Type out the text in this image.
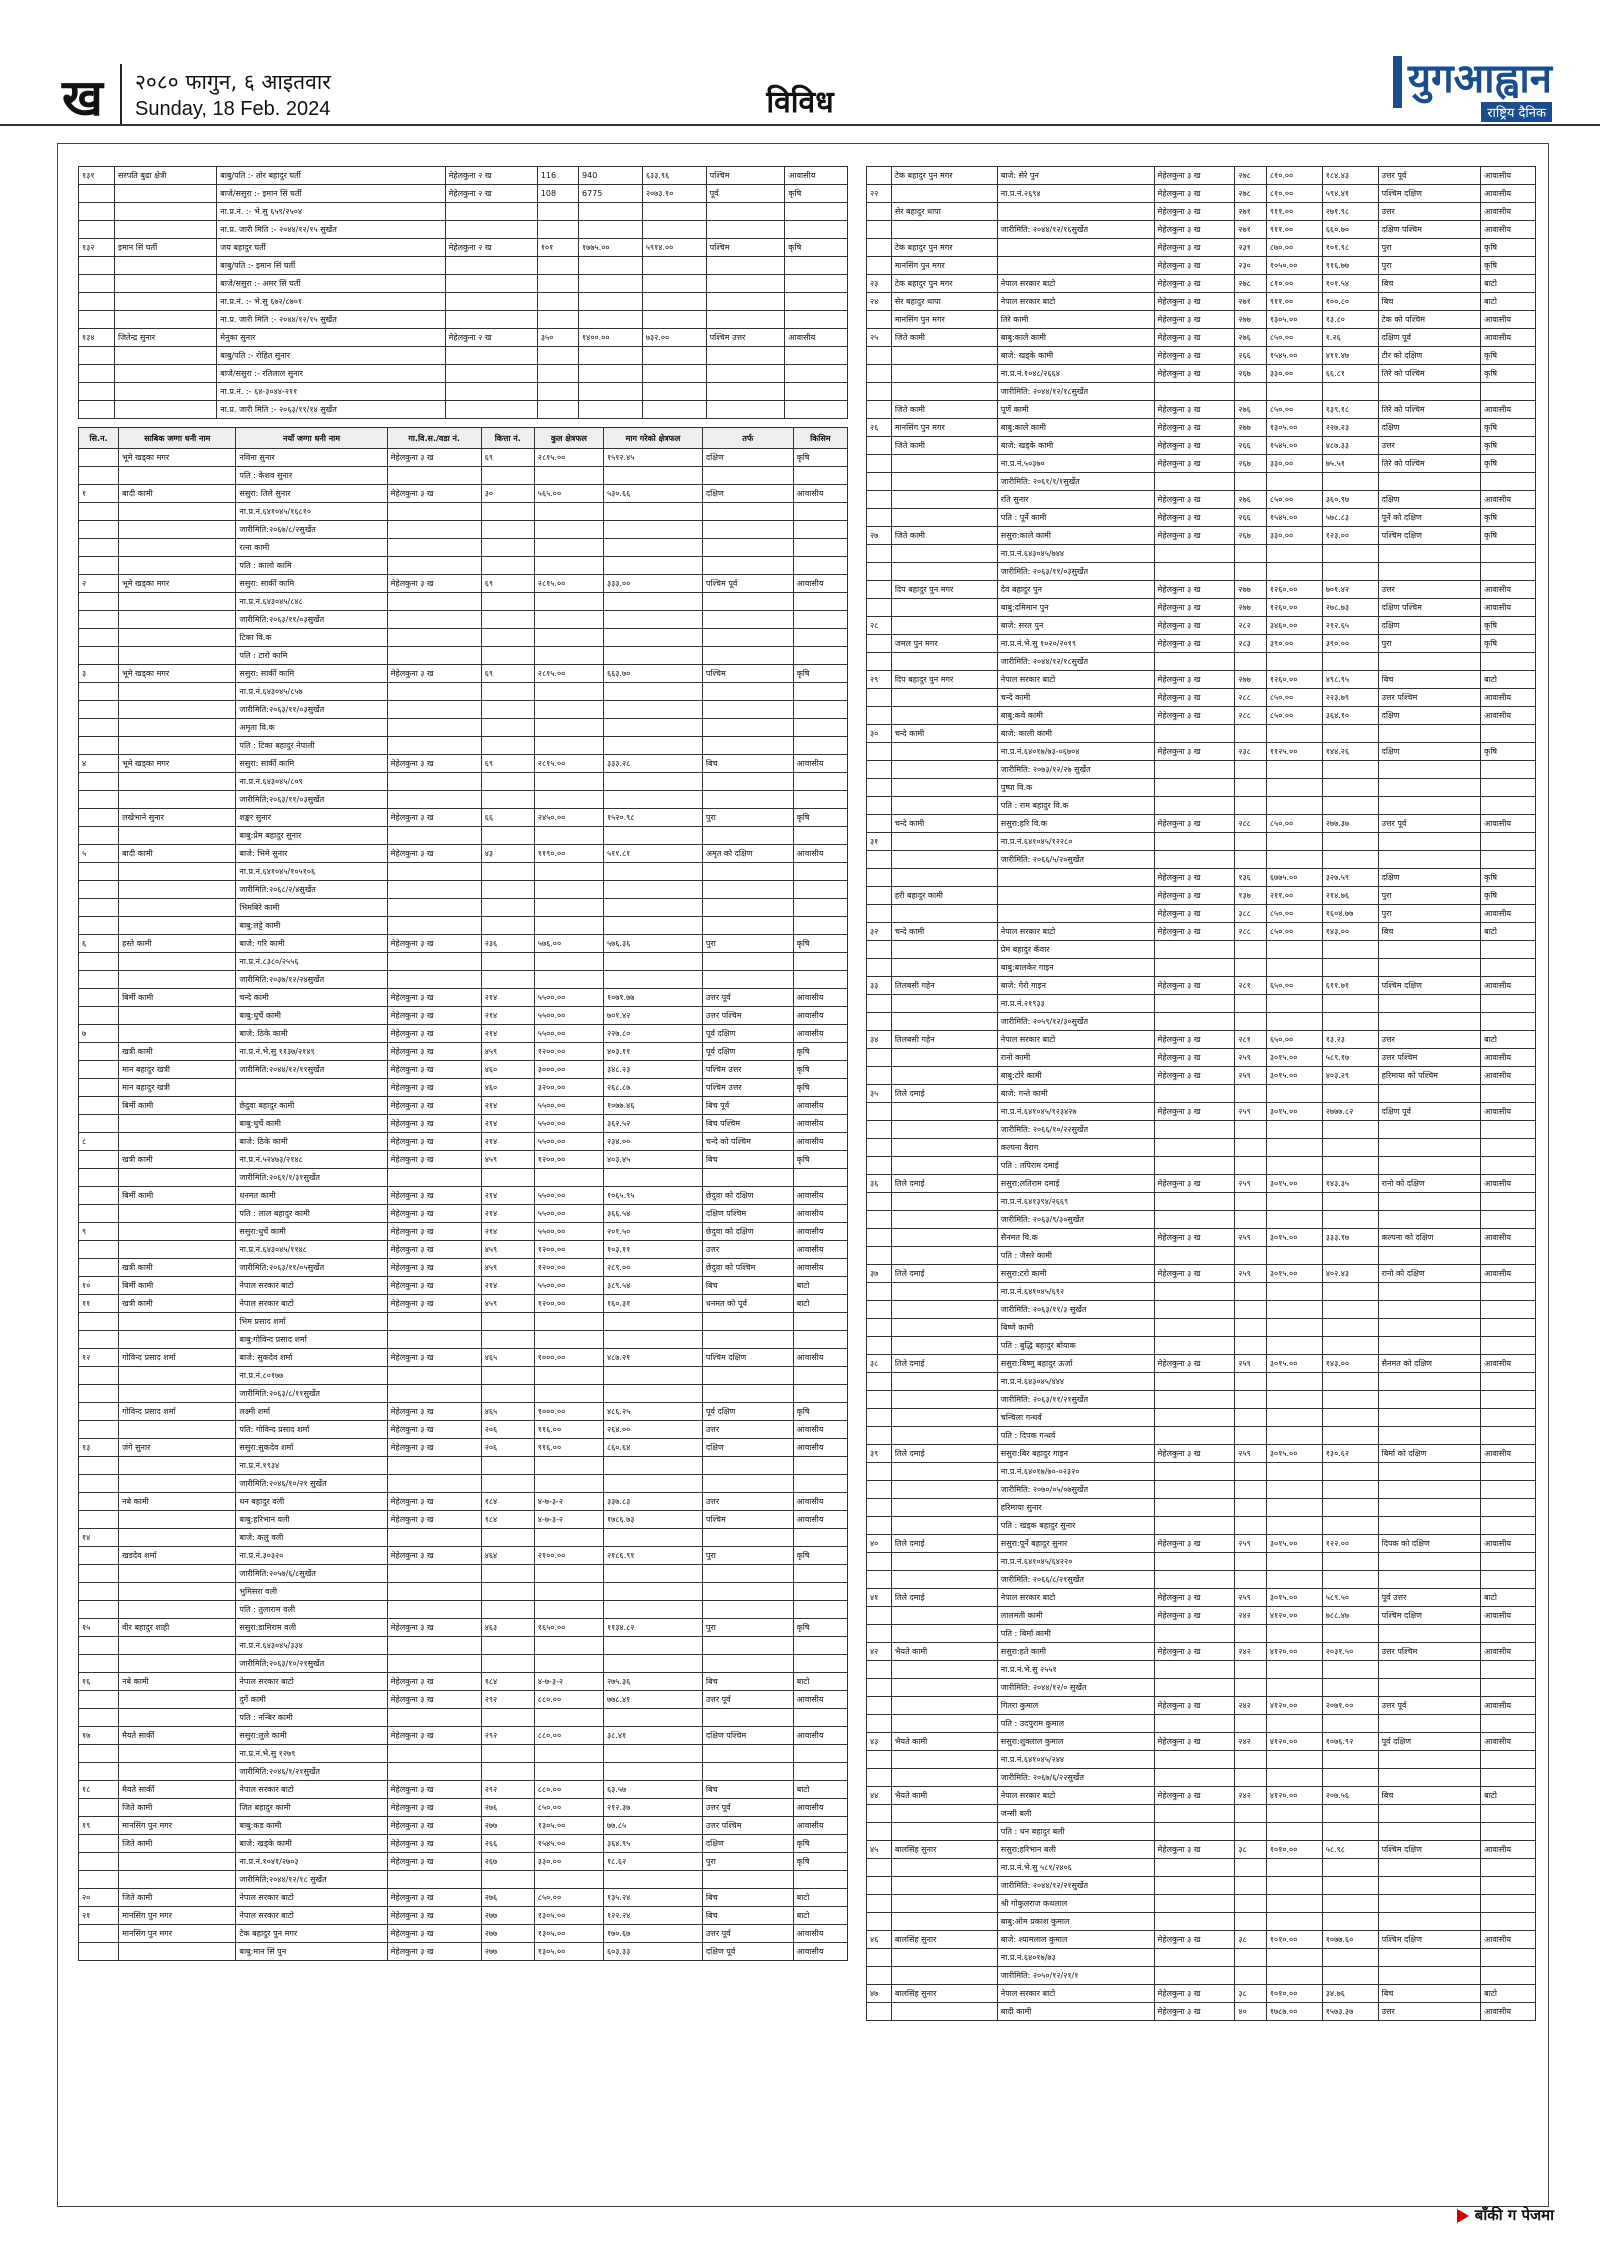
ख २०८० फागुन, ६ आइतवार
Sunday, 18 Feb. 2024	विविध
युगआह्वान
राष्ट्रिय दैनिक
१३१	सरपति बुढा क्षेत्री	बाबु/पति :- तोर बहादुर घर्ती	मेहेलकुना २ ख	116	940	६३३.९६	पश्चिम	आवासीय
		बाजे/ससुरा :- इमान सिं घर्ती	मेहेलकुना २ ख	108	6775	२०७३.१०	पूर्व	कृषि
		ना.प्र.नं. :- भे.सु ६५९/२५०४						
		ना.प्र. जारी मिति :- २०४४/१२/१५ सुर्खेत						
१३२	इमान सिं घर्ती	जय बहादुर घर्ती	मेहेलकुना २ ख	१०१	१७७५.००	५९१४.००	पश्चिम	कृषि
		बाबु/पति :- इमान सिं घर्ती						
		बाजे/ससुरा :- अमर सिं घर्ती						
		ना.प्र.नं. :- भे.सु ६७२/८७०१						
		ना.प्र. जारी मिति :- २०४४/१२/१५ सुर्खेत						
१३४	जितेन्द्र सुनार	मेनुका सुनार	मेहेलकुना २ ख	३५०	१४००.००	७३२.००	पश्चिम उत्तर	आवासीय
		बाबु/पति :- रोहित सुनार						
		बाजे/ससुरा :- रतिलाल सुनार						
		ना.प्र.नं. :- ६४-३०४४-२११						
		ना.प्र. जारी मिति :- २०६३/११/१४ सुर्खेत						
सि.न.	साबिक जग्गा धनी नाम	नयाँ जग्गा धनी नाम	गा.वि.स./वडा नं.	कित्ता नं.	कुल क्षेत्रफल	माग गरेको क्षेत्रफल	तर्फ	किसिम
	भूमे खड्का मगर	नविना सुनार	मेहेलकुना ३ ख	६९	२८१५.००	१५१२.४५	दक्षिण	कृषि
		पति : केशव सुनार						
१	बादी कामी	ससुरा: तिले सुनार	मेहेलकुना ३ ख	३०	५६५.००	५३०.६६	दक्षिण	आवासीय
		ना.प्र.नं.६४१०४५/१६८१०						
		जारीमिति:२०६७/८/२सुर्खेत						
		रत्ना कामी						
		पति : कालो कामि						
२	भूमे खड्का मगर	ससुरा: सार्की कामि	मेहेलकुना ३ ख	६९	२८१५.००	३३३.००	पश्चिम पूर्व	आवासीय
		ना.प्र.नं.६४३०४५/८४८						
		जारीमिति:२०६३/११/०३सुर्खेत						
		टिका वि.क						
		पति : टारो कामि						
३	भूमे खड्का मगर	ससुरा: सार्की कामि	मेहेलकुना ३ ख	६९	२८१५.००	६६३.७०	पश्चिम	कृषि
		ना.प्र.नं.६४३०४५/८५७						
		जारीमिति:२०६३/११/०३सुर्खेत						
		अमृता वि.क						
		पति : टिका बहादुर नेपाली						
४	भूमे खड्का मगर	ससुरा: सार्की कामि	मेहेलकुना ३ ख	६९	२८१५.००	३३३.२८	बिच	आवासीय
		ना.प्र.नं.६४३०४५/८०९						
		जारीमिति:२०६३/११/०३सुर्खेत						
	लखेभाने सुनार	शङ्कर सुनार	मेहेलकुना ३ ख	६६	२४५०.००	१५२०.९८	पुरा	कृषि
		बाबु:प्रेम बहादुर सुनार						
५	बादी कामी	बाजे: भिमे सुनार	मेहेलकुना ३ ख	४३	११९०.००	५११.८१	अमृत को दक्षिण	आवासीय
		ना.प्र.नं.६४१०४५/१०५१०६						
		जारीमिति:२०६८/२/४सुर्खेत						
		भिमबिरे कामी						
		बाबु:लट्टे कामी						
६	हस्ते कामी	बाजे: गरि कामी	मेहेलकुना ३ ख	२३६	५७६.००	५७६.३६	पुरा	कृषि
		ना.प्र.नं.८३८०/२५५६						
		जारीमिति:२०३७/१२/२४सुर्खेत						
	बिर्मी कामी	चन्दे कामी	मेहेलकुना ३ ख	२१४	५५००.००	१०७१.७७	उत्तर पूर्व	आवासीय
		बाबु:धुर्चे कामी	मेहेलकुना ३ ख	२१४	५५००.००	७०१.४२	उत्तर पश्चिम	आवासीय
७		बाजे: ठिके कामी	मेहेलकुना ३ ख	२१४	५५००.००	२२७.८०	पूर्व दक्षिण	आवासीय
	खत्री कामी	ना.प्र.नं.भे.सु ११३७/२१४९	मेहेलकुना ३ ख	४५९	१२००.००	४०३.११	पूर्व दक्षिण	कृषि
	मान बहादुर खत्री	जारीमिति:२०४४/१२/११सुर्खेत	मेहेलकुना ३ ख	४६०	३०००.००	३४८.२३	पश्चिम उत्तर	कृषि
	मान बहादुर खत्री		मेहेलकुना ३ ख	४६०	३२००.००	२६८.८७	पश्चिम उत्तर	कृषि
	बिर्मी कामी	छेदुवा बहादुर कामी	मेहेलकुना ३ ख	२१४	५५००.००	१०७७.४६	बिच पूर्व	आवासीय
		बाबु:धुर्चे कामी	मेहेलकुना ३ ख	२१४	५५००.००	३६२.५२	बिच पश्चिम	आवासीय
८		बाजे: ठिके कामी	मेहेलकुना ३ ख	२१४	५५००.००	२३४.००	चन्दे को पश्चिम	आवासीय
	खत्री कामी	ना.प्र.नं.५२४७३/२१४८	मेहेलकुना ३ ख	४५९	१२००.००	४०३.४५	बिच	कृषि
		जारीमिति:२०६१/१/३१सुर्खेत						
	बिर्मी कामी	धनमत कामी	मेहेलकुना ३ ख	२१४	५५००.००	१०६५.९५	छेदुवा को दक्षिण	आवासीय
		पति : लाल बहादुर कामी	मेहेलकुना ३ ख	२१४	५५००.००	३६६.५४	दक्षिण पश्चिम	आवासीय
९		ससुरा:धुर्चे कामी	मेहेलकुना ३ ख	२१४	५५००.००	२०१.५०	छेदुवा को दक्षिण	आवासीय
		ना.प्र.नं.६४३०४५/११४८	मेहेलकुना ३ ख	४५९	१२००.००	१०३.११	उत्तर	आवासीय
	खत्री कामी	जारीमिति:२०६३/११/०५सुर्खेत	मेहेलकुना ३ ख	४५९	१२००.००	२८९.००	छेदुवा को पश्चिम	आवासीय
१०	बिर्मी कामी	नेपाल सरकार बाटो	मेहेलकुना ३ ख	२१४	५५००.००	३८९.५४	बिच	बाटो
११	खत्री कामी	नेपाल सरकार बाटो	मेहेलकुना ३ ख	४५९	१२००.००	१६०.३१	धनमत को पूर्व	बाटो
		भिम प्रसाद शर्मा						
		बाबु:गोविन्द प्रसाद शर्मा						
१२	गोविन्द प्रसाद शर्मा	बाजे: सुकदेव शर्मा	मेहेलकुना ३ ख	४६५	१०००.००	४८७.२१	पश्चिम दक्षिण	आवासीय
		ना.प्र.नं.८०१७७						
		जारीमिति:२०६३/८/११सुर्खेत						
	गोविन्द प्रसाद शर्मा	लक्ष्मी शर्मा	मेहेलकुना ३ ख	४६५	१०००.००	४८६.२५	पूर्व दक्षिण	कृषि
		पति: गोविन्द प्रसाद शर्मा	मेहेलकुना ३ ख	२०६	११६.००	२६४.००	उत्तर	आवासीय
१३	जंगे सुनार	ससुरा:सुकदेव शर्मा	मेहेलकुना ३ ख	२०६	९१६.००	८६०.६४	दक्षिण	आवासीय
		ना.प्र.नं.१९३४						
		जारीमिति:२०४६/१०/२१ सुर्खेत						
	नबे कामी	धन बहादुर वली	मेहेलकुना ३ ख	१८४	४-७-३-२	३३७.८३	उत्तर	आवासीय
		बाबु:हरिभान वली	मेहेलकुना ३ ख	१८४	४-७-३-२	१७८६.७३	पश्चिम	आवासीय
१४		बाजे: कलु वली						
	खडदेव शर्मा	ना.प्र.नं.३०३२०	मेहेलकुना ३ ख	४६४	२१००.००	२१८६.९१	पुरा	कृषि
		जारीमिति:२०५७/६/८सुर्खेत						
		भुमिसरा वली						
		पति : तुलाराम वली						
१५	वीर बहादुर शाही	ससुरा:डामिराम वली	मेहेलकुना ३ ख	४६३	१६५०.००	११३४.८२	पुरा	कृषि
		ना.प्र.नं.६४३०४५/३३४						
		जारीमिति:२०६३/१०/२१सुर्खेत						
१६	नबे कामी	नेपाल सरकार बाटो	मेहेलकुना ३ ख	१८४	४-७-३-२	२७५.३६	बिच	बाटो
		दुर्गे कामी	मेहेलकुना ३ ख	२९२	८८०.००	७७८.४१	उत्तर पूर्व	आवासीय
		पति : नन्बिर कामी						
१७	मैयते सार्की	ससुरा:लुले कामी	मेहेलकुना ३ ख	२९२	८८०.००	३८.४१	दक्षिण पश्चिम	आवासीय
		ना.प्र.नं.भे.सु १२७९						
		जारीमिति:२०४६/१/२१सुर्खेत						
१८	मैयते सार्की	नेपाल सरकार बाटो	मेहेलकुना ३ ख	२९२	८८०.००	६३.५७	बिच	बाटो
	जिते कामी	जित बहादुर कामी	मेहेलकुना ३ ख	२७६	८५०.००	२१२.३७	उत्तर पूर्व	आवासीय
१९	मानसिंग पुन मगर	बाबु:कड कामी	मेहेलकुना ३ ख	२७७	१३०५.००	७७.८५	उत्तर पश्चिम	आवासीय
	जिते कामी	बाजे: खड्के कामी	मेहेलकुना ३ ख	२६६	१५४५.००	३६४.९५	दक्षिण	कृषि
		ना.प्र.नं.१०४१/२७०३	मेहेलकुना ३ ख	२६७	३३०.००	१८.६२	पुरा	कृषि
		जारीमिति:२०४४/१२/१८ सुर्खेत						
२०	जिते कामी	नेपाल सरकार बाटो	मेहेलकुना ३ ख	२७६	८५०.००	१३५.२४	बिच	बाटो
२१	मानसिंग पुन मगर	नेपाल सरकार बाटो	मेहेलकुना ३ ख	२७७	१३०५.००	१२२.२४	बिच	बाटो
	मानसिंग पुन मगर	टेक बहादुर पुन मगर	मेहेलकुना ३ ख	२७७	१३०५.००	१७०.६७	उत्तर पूर्व	आवासीय
		बाबु:मान सिं पुन	मेहेलकुना ३ ख	२७७	१३०५.००	६०३.३३	दक्षिण पूर्व	आवासीय
	टेक बहादुर पुन मगर	बाजे: सेरे पुन	मेहेलकुना ३ ख	२७८	८१०.००	१८४.४३	उत्तर पूर्व	आवासीय
२२		ना.प्र.नं.२६९४	मेहेलकुना ३ ख	२७८	८१०.००	५९४.४१	पश्चिम दक्षिण	आवासीय
	सेर बहादुर थापा		मेहेलकुना ३ ख	२७१	९११.००	२७१.९८	उत्तर	आवासीय
		जारीमिति: २०४४/१२/१६सुर्खेत	मेहेलकुना ३ ख	२७१	९११.००	६६०.७०	दक्षिण पश्चिम	आवासीय
	टेक बहादुर पुन मगर		मेहेलकुना ३ ख	२३१	८७०.००	१०१.९८	पुरा	कृषि
	मानसिंग पुन मगर		मेहेलकुना ३ ख	२३०	१०५०.००	९१६.७७	पुरा	कृषि
२३	टेक बहादुर पुन मगर	नेपाल सरकार बाटो	मेहेलकुना ३ ख	२७८	८१०.००	१०१.५४	बिच	बाटो
२४	सेर बहादुर थापा	नेपाल सरकार बाटो	मेहेलकुना ३ ख	२७१	९११.००	१००.८०	बिच	बाटो
	मानसिंग पुन मगर	तिरे कामी	मेहेलकुना ३ ख	२७७	१३०५.००	१३.८०	टेक को पश्चिम	आवासीय
२५	जिते कामी	बाबु:काले कामी	मेहेलकुना ३ ख	२७६	८५०.००	१.२६	दक्षिण पूर्व	आवासीय
		बाजे: खड्के कामी	मेहेलकुना ३ ख	२६६	१५४५.००	४११.४७	टीर को दक्षिण	कृषि
		ना.प्र.नं.१०४८/२६६४	मेहेलकुना ३ ख	२६७	३३०.००	६६.८१	तिरे को पश्चिम	कृषि
		जारीमिति: २०४४/१२/१८सुर्खेत						
	जिते कामी	पूर्णे कामी	मेहेलकुना ३ ख	२७६	८५०.००	१३९.१८	तिरे को पश्चिम	आवासीय
२६	मानसिंग पुन मगर	बाबु:काले कामी	मेहेलकुना ३ ख	२७७	१३०५.००	२२७.२३	दक्षिण	कृषि
	जिते कामी	बाजे: खड्के कामी	मेहेलकुना ३ ख	२६६	१५४५.००	४८७.३३	उत्तर	कृषि
		ना.प्र.नं.५०३७०	मेहेलकुना ३ ख	२६७	३३०.००	७५.५१	तिरे को पश्चिम	कृषि
		जारीमिति: २०६१/१/१सुर्खेत						
		रति सुनार	मेहेलकुना ३ ख	२७६	८५०.००	३६०.९७	दक्षिण	आवासीय
		पति : पूर्ने कामी	मेहेलकुना ३ ख	२६६	१५४५.००	५७८.८३	पूर्ने को दक्षिण	कृषि
२७	जिते कामी	ससुरा:काले कामी	मेहेलकुना ३ ख	२६७	३३०.००	१२३.००	पश्चिम दक्षिण	कृषि
		ना.प्र.नं.६४३०४५/७४४						
		जारीमिति: २०६३/११/०३सुर्खेत						
	दिप बहादुर पुन मगर	देव बहादुर पुन	मेहेलकुना ३ ख	२७७	१२६०.००	७०१.४२	उत्तर	आवासीय
		बाबु:दमिमान पुन	मेहेलकुना ३ ख	२७७	१२६०.००	२७८.७३	दक्षिण पश्चिम	आवासीय
२८		बाजे: सरत पुन	मेहेलकुना ३ ख	२८२	३४६०.००	२१२.६५	दक्षिण	कृषि
	जमल पुन मगर	ना.प्र.नं.भे.सु १०२०/२०१९	मेहेलकुना ३ ख	२८३	३९०.००	३९०.००	पुरा	कृषि
		जारीमिति: २०४४/१२/१८सुर्खेत						
२९	दिप बहादुर पुन मगर	नेपाल सरकार बाटो	मेहेलकुना ३ ख	२७७	१२६०.००	४९८.९५	बिच	बाटो
		चन्दे कामी	मेहेलकुना ३ ख	२८८	८५०.००	२२३.७९	उत्तर पश्चिम	आवासीय
		बाबु:कवे कामी	मेहेलकुना ३ ख	२८८	८५०.००	३६४.१०	दक्षिण	आवासीय
३०	चन्दे कामी	बाजे: काली कामी						
		ना.प्र.नं.६४०१७/७३-०६७०४	मेहेलकुना ३ ख	२३८	११२५.००	१४४.२६	दक्षिण	कृषि
		जारीमिति: २०७३/१२/२७ सुर्खेत						
		पुष्पा वि.क						
		पति : राम बहादुर वि.क						
	चन्दे कामी	ससुरा:हरि वि.क	मेहेलकुना ३ ख	२८८	८५०.००	२७७.३७	उत्तर पूर्व	आवासीय
३१		ना.प्र.नं.६४१०४५/१२२८०						
		जारीमिति: २०६६/५/२०सुर्खेत						
			मेहेलकुना ३ ख	१३६	६७७५.००	३२७.५९	दक्षिण	कृषि
	हरी बहादुर कामी		मेहेलकुना ३ ख	१३७	२११.००	२१४.७६	पुरा	कृषि
			मेहेलकुना ३ ख	३८८	८५०.००	१६०४.७७	पुरा	आवासीय
३२	चन्दे कामी	नेपाल सरकार बाटो	मेहेलकुना ३ ख	२८८	८५०.००	१४३.००	बिच	बाटो
		प्रेम बहादुर कँवार						
		बाबु:बालकेर गाइन						
३३	तिलबसी गहेन	बाजे: गेरो गाइन	मेहेलकुना ३ ख	२८१	६५०.००	६११.७१	पश्चिम दक्षिण	आवासीय
		ना.प्र.नं.२१९३३						
		जारीमिति: २०५९/१२/३०सुर्खेत						
३४	तिलबसी गहेन	नेपाल सरकार बाटो	मेहेलकुना ३ ख	२८१	६५०.००	१३.२३	उत्तर	बाटो
		रानो कामी	मेहेलकुना ३ ख	२५९	३०१५.००	५८९.१७	उत्तर पश्चिम	आवासीय
		बाबु:टोरे कामी	मेहेलकुना ३ ख	२५९	३०१५.००	४०३.२९	हरिमाया को पश्चिम	आवासीय
३५	तिले दमाई	बाजे: गन्ते कामी						
		ना.प्र.नं.६४१०४५/१२३४२७	मेहेलकुना ३ ख	२५९	३०१५.००	२७७७.८२	दक्षिण पूर्व	आवासीय
		जारीमिति: २०६६/१०/२२सुर्खेत						
		कल्पना वैराग						
		पति : तपिराम दमाई						
३६	तिले दमाई	ससुरा:लतिराम दमाई	मेहेलकुना ३ ख	२५९	३०१५.००	१४३.३५	रानो को दक्षिण	आवासीय
		ना.प्र.नं.६४१३९४/२६६९						
		जारीमिति: २०६३/९/३०सुर्खेत						
		सैनमत वि.क	मेहेलकुना ३ ख	२५९	३०१५.००	३३३.१७	कल्पना को दक्षिण	आवासीय
		पति : जैसरे कामी						
३७	तिले दमाई	ससुरा:टरो कामी	मेहेलकुना ३ ख	२५९	३०१५.००	४०२.४३	रानो को दक्षिण	आवासीय
		ना.प्र.नं.६४१०४५/६१२						
		जारीमिति: २०६३/११/३ सुर्खेत						
		बिष्णे कामी						
		पति : बुद्धि बहादुर बोयाक						
३८	तिले दमाई	ससुरा:बिष्णु बहादुर ऊर्जा	मेहेलकुना ३ ख	२५९	३०१५.००	१४३.००	सैनमत को दक्षिण	आवासीय
		ना.प्र.नं.६४३०४५/४४४						
		जारीमिति: २०६३/११/२१सुर्खेत						
		चन्चिला गन्धर्व						
		पति : दिपक गन्धर्व						
३९	तिले दमाई	ससुरा:बिर बहादुर गाइन	मेहेलकुना ३ ख	२५९	३०१५.००	१३०.६२	बिर्मा को दक्षिण	आवासीय
		ना.प्र.नं.६४०१७/७०-०२३२०						
		जारीमिति: २०७०/०५/०७सुर्खेत						
		हरिमाया सुनार						
		पति : खड्क बहादुर सुनार						
४०	तिले दमाई	ससुरा:पूर्ने बहादुर सुनार	मेहेलकुना ३ ख	२५९	३०१५.००	१२२.००	दिपक को दक्षिण	आवासीय
		ना.प्र.नं.६४१०४५/६४२२०						
		जारीमिति: २०६६/८/२१सुर्खेत						
४१	तिले दमाई	नेपाल सरकार बाटो	मेहेलकुना ३ ख	२५९	३०१५.००	५८९.५०	पूर्व उत्तर	बाटो
		लालमती कामी	मेहेलकुना ३ ख	२४२	४१२०.००	७८८.४७	पश्चिम दक्षिण	आवासीय
		पति : बिर्मा कामी						
४२	भैयते कामी	ससुरा:हते कामी	मेहेलकुना ३ ख	२४२	४१२०.००	२०३१.५०	उत्तर पश्चिम	आवासीय
		ना.प्र.नं.भे.सु २५५१						
		जारीमिति: २०४४/१२/० सुर्खेत						
		गितरा कुमाल	मेहेलकुना ३ ख	२४२	४१२०.००	२०७१.००	उत्तर पूर्व	आवासीय
		पति : उदपुराम कुमाल						
४३	भैयते कामी	ससुरा:शुक्लाल कुमाल	मेहेलकुना ३ ख	२४२	४१२०.००	१०७६.९२	पूर्व दक्षिण	आवासीय
		ना.प्र.नं.६४१०४५/२४४						
		जारीमिति: २०६७/६/२२सुर्खेत						
४४	भैयते कामी	नेपाल सरकार बाटो	मेहेलकुना ३ ख	२४२	४१२०.००	२०७.५६	बिच	बाटो
		जन्सी बली						
		पति : धन बहादुर बली						
४५	बालसिंह सुनार	ससुरा:हरिभान बली	मेहेलकुना ३ ख	३८	१०१०.००	५८.९८	पश्चिम दक्षिण	आवासीय
		ना.प्र.नं.भे.सु ५८१/२४०६						
		जारीमिति: २०४४/१२/२१सुर्खेत						
		श्री गोकुलराज कथलाल						
		बाबु:ओम प्रकाश कुमाल						
४६	बालसिंह सुनार	बाजे: श्यामलाल कुमाल	मेहेलकुना ३ ख	३८	१०१०.००	१०७७.६०	पश्चिम दक्षिण	आवासीय
		ना.प्र.नं.६४०१७/७३						
		जारीमिति: २०५०/१२/२१/१						
४७	बालसिंह सुनार	नेपाल सरकार बाटो	मेहेलकुना ३ ख	३८	१०१०.००	३४.७६	बिच	बाटो
		बादी कामी	मेहेलकुना ३ ख	४०	१७८७.००	१५७३.३७	उत्तर	आवासीय
बाँकी ग पेजमा
